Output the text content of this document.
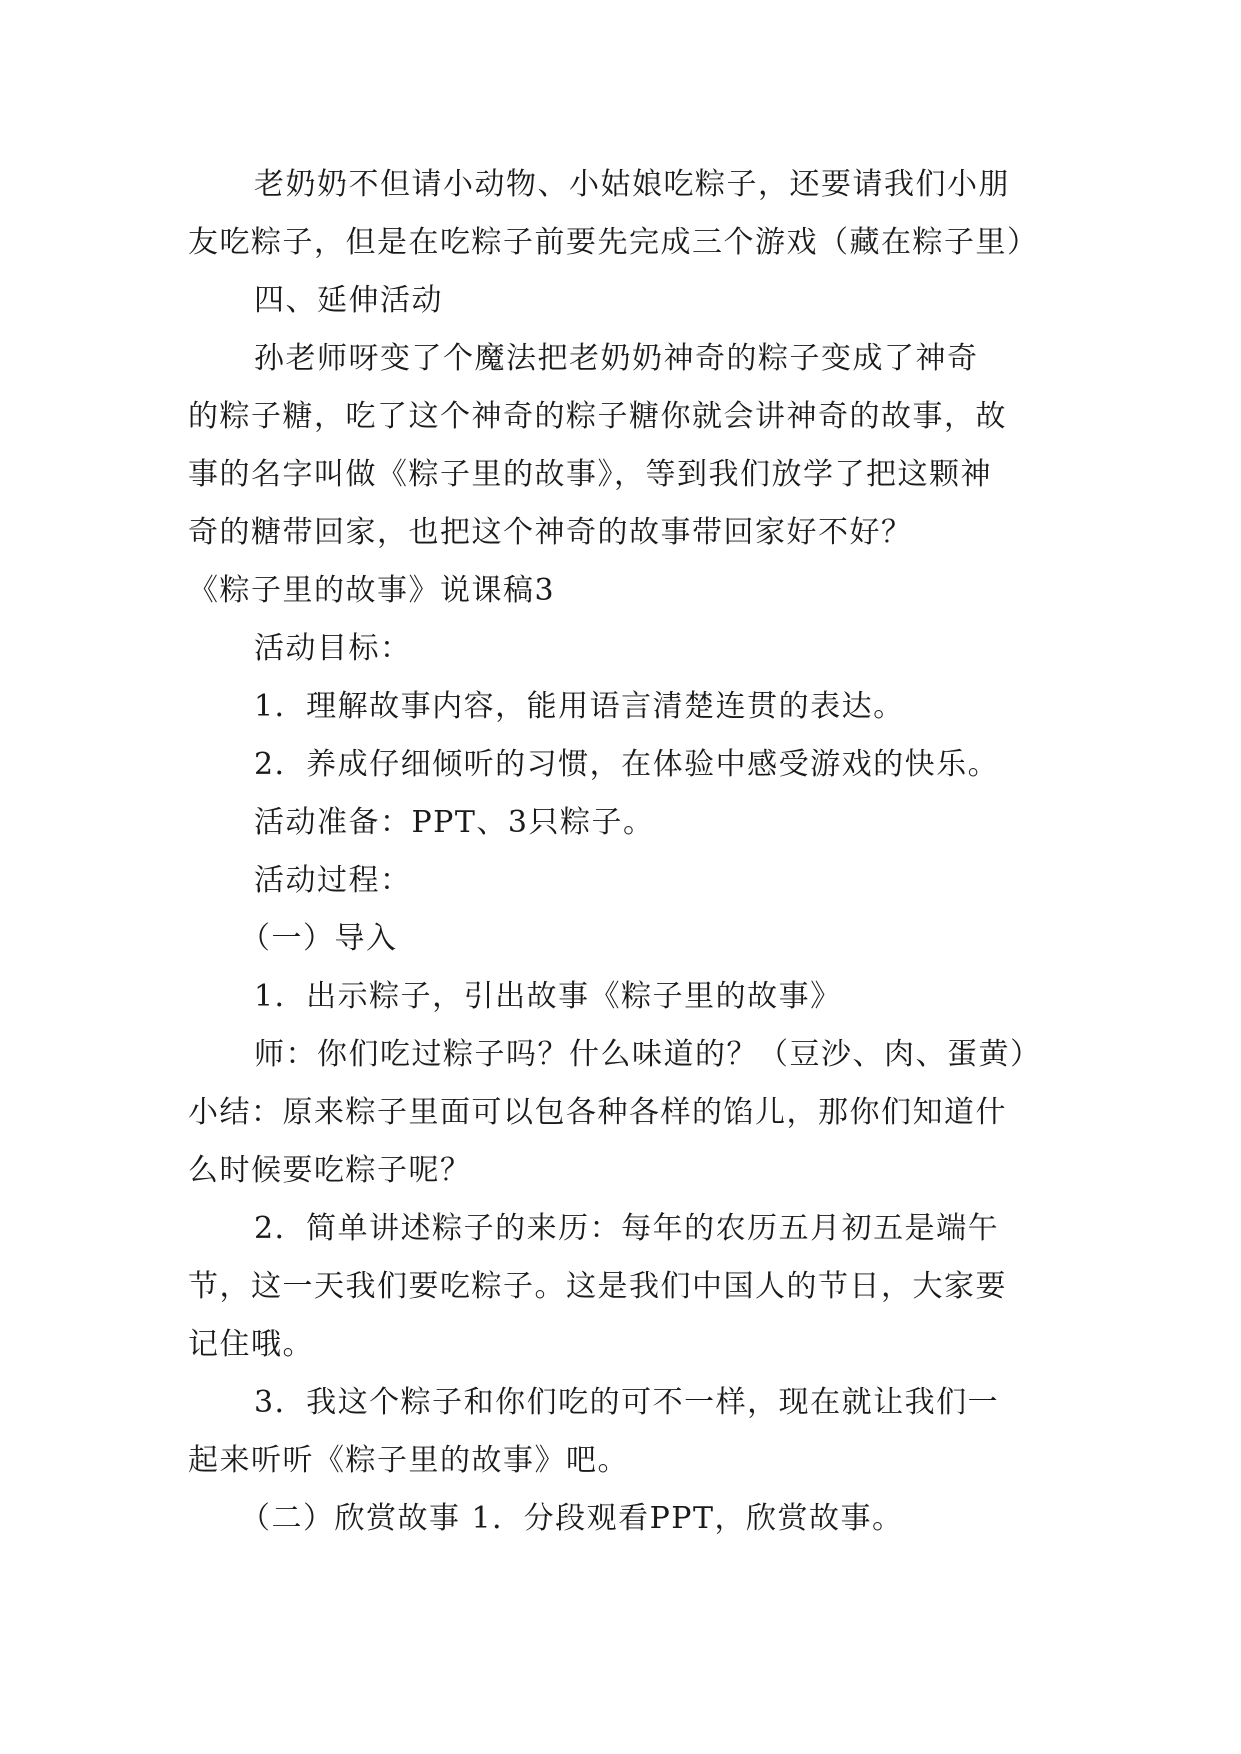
老奶奶不但请小动物、小姑娘吃粽子，还要请我们小朋

友吃粽子，但是在吃粽子前要先完成三个游戏（藏在粽子里）

四、延伸活动

孙老师呀变了个魔法把老奶奶神奇的粽子变成了神奇

的粽子糖，吃了这个神奇的粽子糖你就会讲神奇的故事，故

事的名字叫做《粽子里的故事》，等到我们放学了把这颗神

奇的糖带回家，也把这个神奇的故事带回家好不好？

《粽子里的故事》说课稿3

活动目标：

1．理解故事内容，能用语言清楚连贯的表达。

2．养成仔细倾听的习惯，在体验中感受游戏的快乐。

活动准备：PPT、3只粽子。

活动过程：

（一）导入

1．出示粽子，引出故事《粽子里的故事》

师：你们吃过粽子吗？什么味道的？（豆沙、肉、蛋黄）

小结：原来粽子里面可以包各种各样的馅儿，那你们知道什

么时候要吃粽子呢？

2．简单讲述粽子的来历：每年的农历五月初五是端午

节，这一天我们要吃粽子。这是我们中国人的节日，大家要

记住哦。

3．我这个粽子和你们吃的可不一样，现在就让我们一

起来听听《粽子里的故事》吧。

（二）欣赏故事 1．分段观看PPT，欣赏故事。
